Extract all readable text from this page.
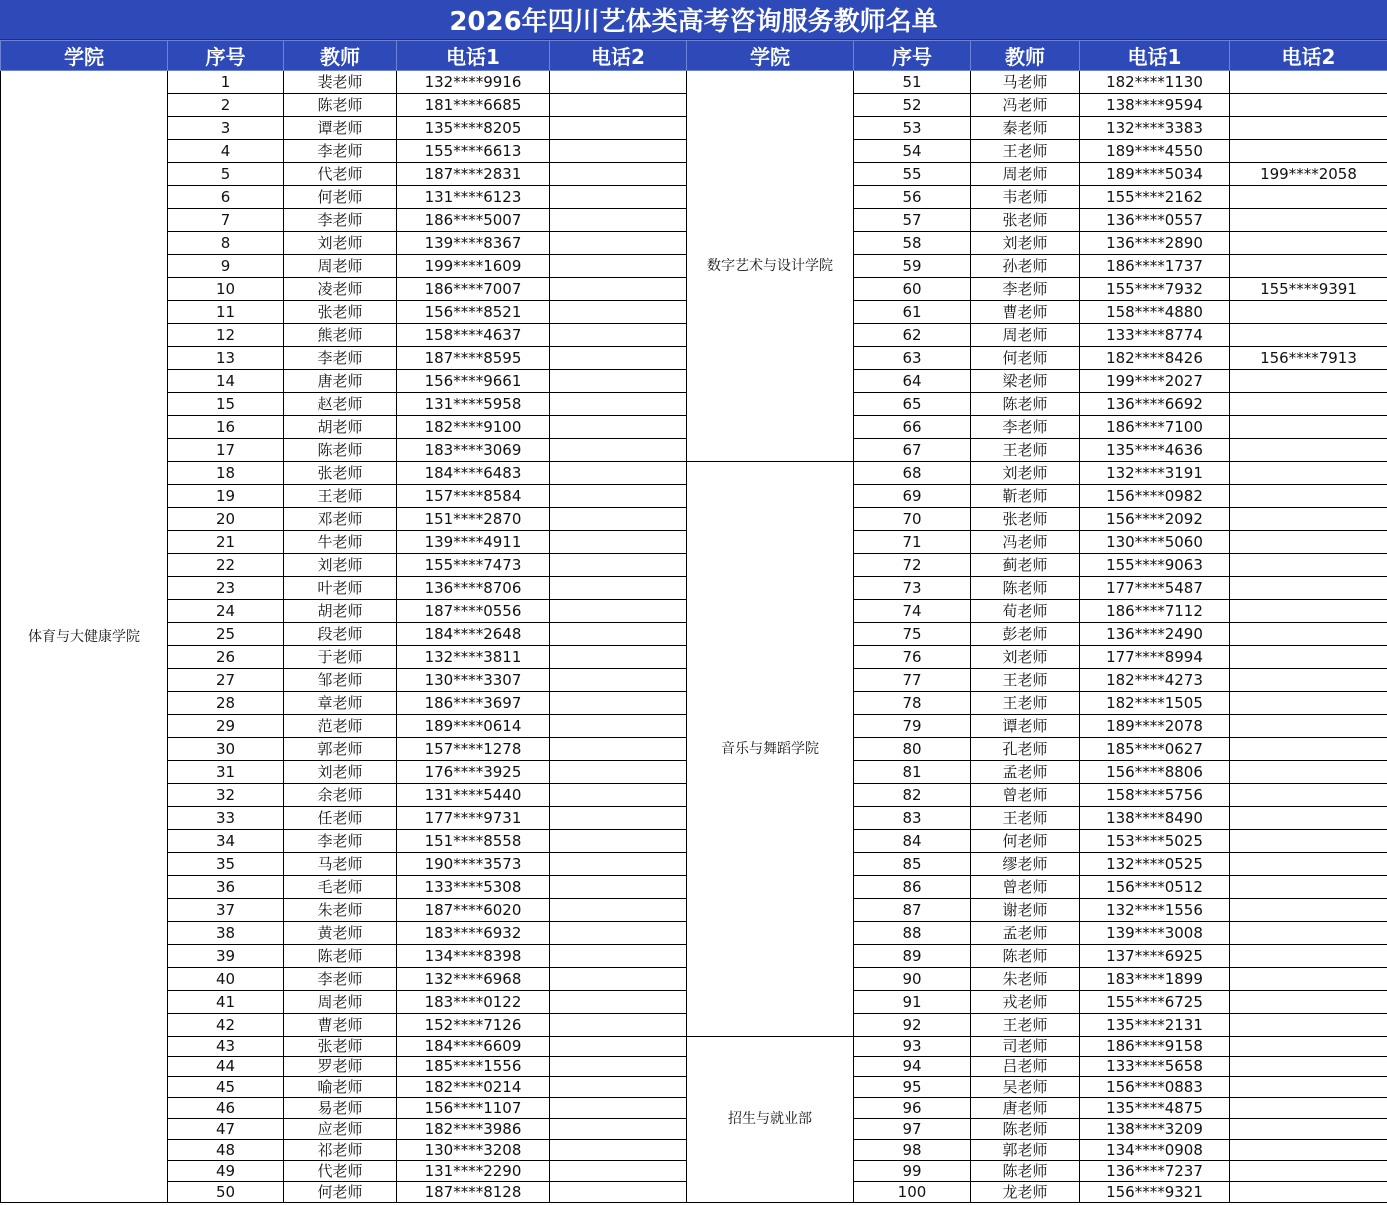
2026年四川艺体类高考咨询服务教师名单
学院	序号	教师	电话1	电话2	学院	序号	教师	电话1	电话2
体育与大健康学院	1	裴老师	132****9916		数字艺术与设计学院	51	马老师	182****1130	
	2	陈老师	181****6685			52	冯老师	138****9594	
	3	谭老师	135****8205			53	秦老师	132****3383	
	4	李老师	155****6613			54	王老师	189****4550	
	5	代老师	187****2831			55	周老师	189****5034	199****2058
	6	何老师	131****6123			56	韦老师	155****2162	
	7	李老师	186****5007			57	张老师	136****0557	
	8	刘老师	139****8367			58	刘老师	136****2890	
	9	周老师	199****1609			59	孙老师	186****1737	
	10	凌老师	186****7007			60	李老师	155****7932	155****9391
	11	张老师	156****8521			61	曹老师	158****4880	
	12	熊老师	158****4637			62	周老师	133****8774	
	13	李老师	187****8595			63	何老师	182****8426	156****7913
	14	唐老师	156****9661			64	梁老师	199****2027	
	15	赵老师	131****5958			65	陈老师	136****6692	
	16	胡老师	182****9100			66	李老师	186****7100	
	17	陈老师	183****3069			67	王老师	135****4636	
	18	张老师	184****6483		音乐与舞蹈学院	68	刘老师	132****3191	
	19	王老师	157****8584			69	靳老师	156****0982	
	20	邓老师	151****2870			70	张老师	156****2092	
	21	牛老师	139****4911			71	冯老师	130****5060	
	22	刘老师	155****7473			72	蓟老师	155****9063	
	23	叶老师	136****8706			73	陈老师	177****5487	
	24	胡老师	187****0556			74	荀老师	186****7112	
	25	段老师	184****2648			75	彭老师	136****2490	
	26	于老师	132****3811			76	刘老师	177****8994	
	27	邹老师	130****3307			77	王老师	182****4273	
	28	章老师	186****3697			78	王老师	182****1505	
	29	范老师	189****0614			79	谭老师	189****2078	
	30	郭老师	157****1278			80	孔老师	185****0627	
	31	刘老师	176****3925			81	孟老师	156****8806	
	32	余老师	131****5440			82	曾老师	158****5756	
	33	任老师	177****9731			83	王老师	138****8490	
	34	李老师	151****8558			84	何老师	153****5025	
	35	马老师	190****3573			85	缪老师	132****0525	
	36	毛老师	133****5308			86	曾老师	156****0512	
	37	朱老师	187****6020			87	谢老师	132****1556	
	38	黄老师	183****6932			88	孟老师	139****3008	
	39	陈老师	134****8398			89	陈老师	137****6925	
	40	李老师	132****6968			90	朱老师	183****1899	
	41	周老师	183****0122			91	戎老师	155****6725	
	42	曹老师	152****7126			92	王老师	135****2131	
	43	张老师	184****6609		招生与就业部	93	司老师	186****9158	
	44	罗老师	185****1556			94	吕老师	133****5658	
	45	喻老师	182****0214			95	吴老师	156****0883	
	46	易老师	156****1107			96	唐老师	135****4875	
	47	应老师	182****3986			97	陈老师	138****3209	
	48	祁老师	130****3208			98	郭老师	134****0908	
	49	代老师	131****2290			99	陈老师	136****7237	
	50	何老师	187****8128			100	龙老师	156****9321	
